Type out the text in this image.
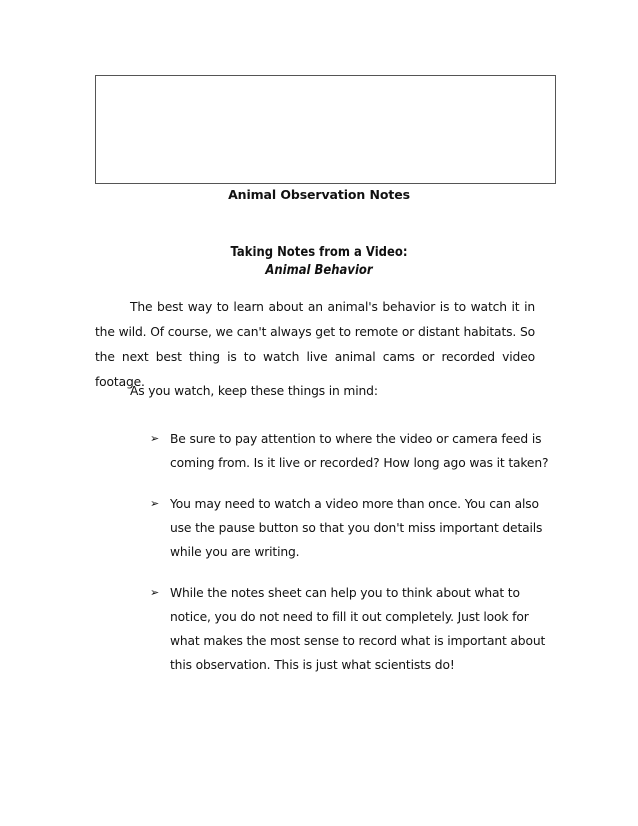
Animal Observation Notes
Taking Notes from a Video:
Animal Behavior

The best way to learn about an animal's behavior is to watch it in the wild. Of course, we can't always get to remote or distant habitats. So the next best thing is to watch live animal cams or recorded video footage.

As you watch, keep these things in mind:
➢ Be sure to pay attention to where the video or camera feed is coming from. Is it live or recorded? How long ago was it taken?
➢ You may need to watch a video more than once. You can also use the pause button so that you don't miss important details while you are writing.
➢ While the notes sheet can help you to think about what to notice, you do not need to fill it out completely. Just look for what makes the most sense to record what is important about this observation. This is just what scientists do!
